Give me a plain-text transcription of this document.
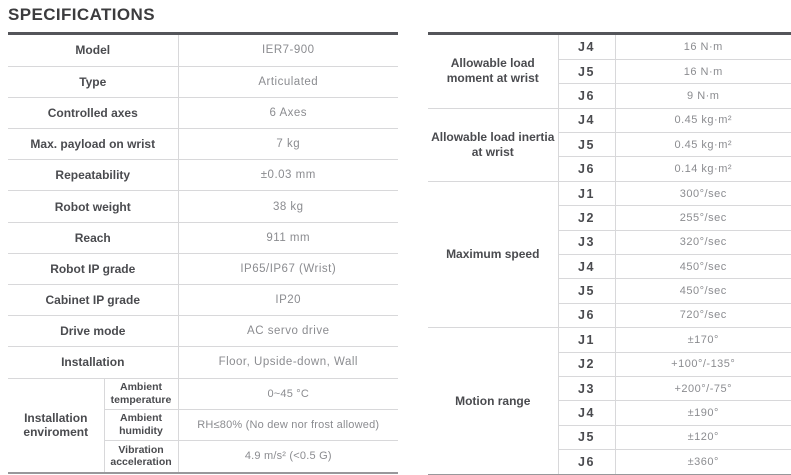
SPECIFICATIONS
Model		IER7-900
Type		Articulated
Controlled axes		6 Axes
Max. payload on wrist		7 kg
Repeatability		±0.03 mm
Robot weight		38 kg
Reach		911 mm
Robot IP grade		IP65/IP67 (Wrist)
Cabinet IP grade		IP20
Drive mode		AC servo drive
Installation		Floor, Upside-down, Wall
Installation enviroment	Ambient temperature	0~45 °C
	Ambient humidity	RH≤80% (No dew nor frost allowed)
	Vibration acceleration	4.9 m/s² (<0.5 G)
Allowable load moment at wrist	J4	16 N·m
	J5	16 N·m
	J6	9 N·m
Allowable load inertia at wrist	J4	0.45 kg·m²
	J5	0.45 kg·m²
	J6	0.14 kg·m²
Maximum speed	J1	300°/sec
	J2	255°/sec
	J3	320°/sec
	J4	450°/sec
	J5	450°/sec
	J6	720°/sec
Motion range	J1	±170°
	J2	+100°/-135°
	J3	+200°/-75°
	J4	±190°
	J5	±120°
	J6	±360°
